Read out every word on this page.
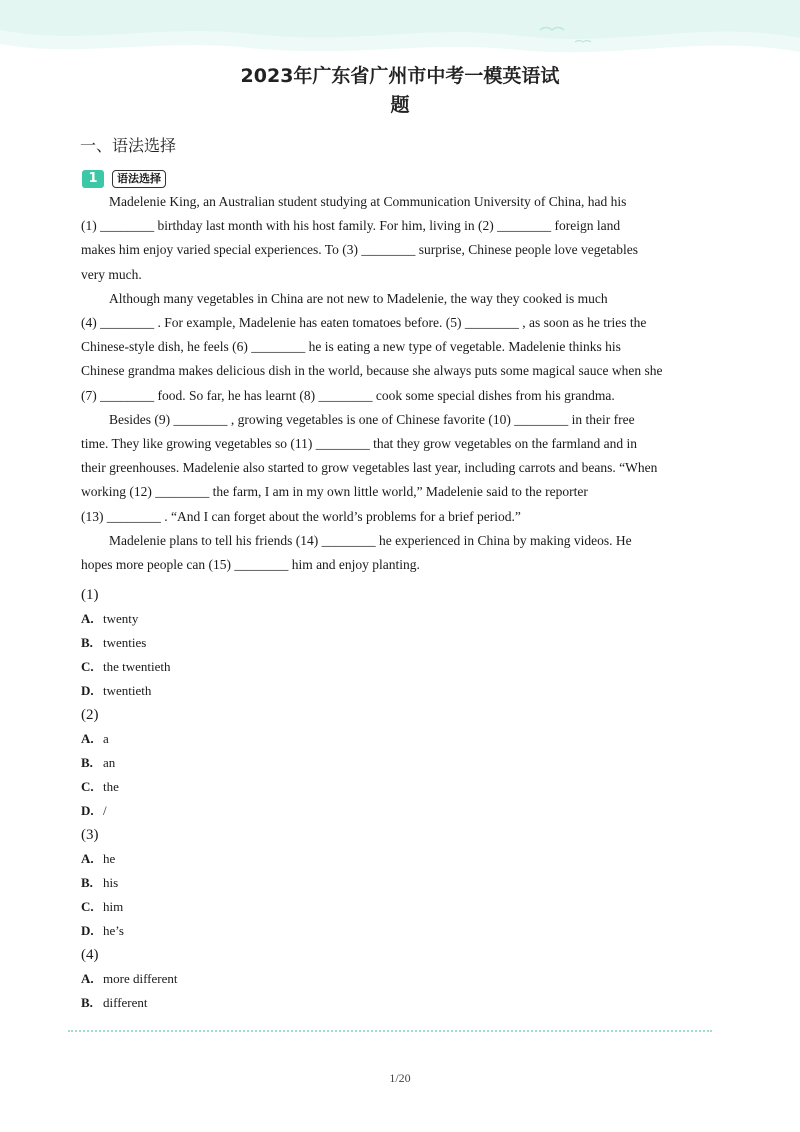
2023年广东省广州市中考一模英语试
题
一、语法选择
1	语法选择

Madelenie King, an Australian student studying at Communication University of China, had his

(1) ________ birthday last month with his host family. For him, living in (2) ________ foreign land

makes him enjoy varied special experiences. To (3) ________ surprise, Chinese people love vegetables

very much.

Although many vegetables in China are not new to Madelenie, the way they cooked is much

(4) ________ . For example, Madelenie has eaten tomatoes before. (5) ________ , as soon as he tries the

Chinese-style dish, he feels (6) ________ he is eating a new type of vegetable. Madelenie thinks his

Chinese grandma makes delicious dish in the world, because she always puts some magical sauce when she

(7) ________ food. So far, he has learnt (8) ________ cook some special dishes from his grandma.

Besides (9) ________ , growing vegetables is one of Chinese favorite (10) ________ in their free

time. They like growing vegetables so (11) ________ that they grow vegetables on the farmland and in

their greenhouses. Madelenie also started to grow vegetables last year, including carrots and beans. “When

working (12) ________ the farm, I am in my own little world,” Madelenie said to the reporter

(13) ________ . “And I can forget about the world’s problems for a brief period.”

Madelenie plans to tell his friends (14) ________ he experienced in China by making videos. He

hopes more people can (15) ________ him and enjoy planting.

(1)
A. twenty
B. twenties
C. the twentieth
D. twentieth
(2)
A. a
B. an
C. the
D. /
(3)
A. he
B. his
C. him
D. he’s
(4)
A. more different
B. different
1/20
